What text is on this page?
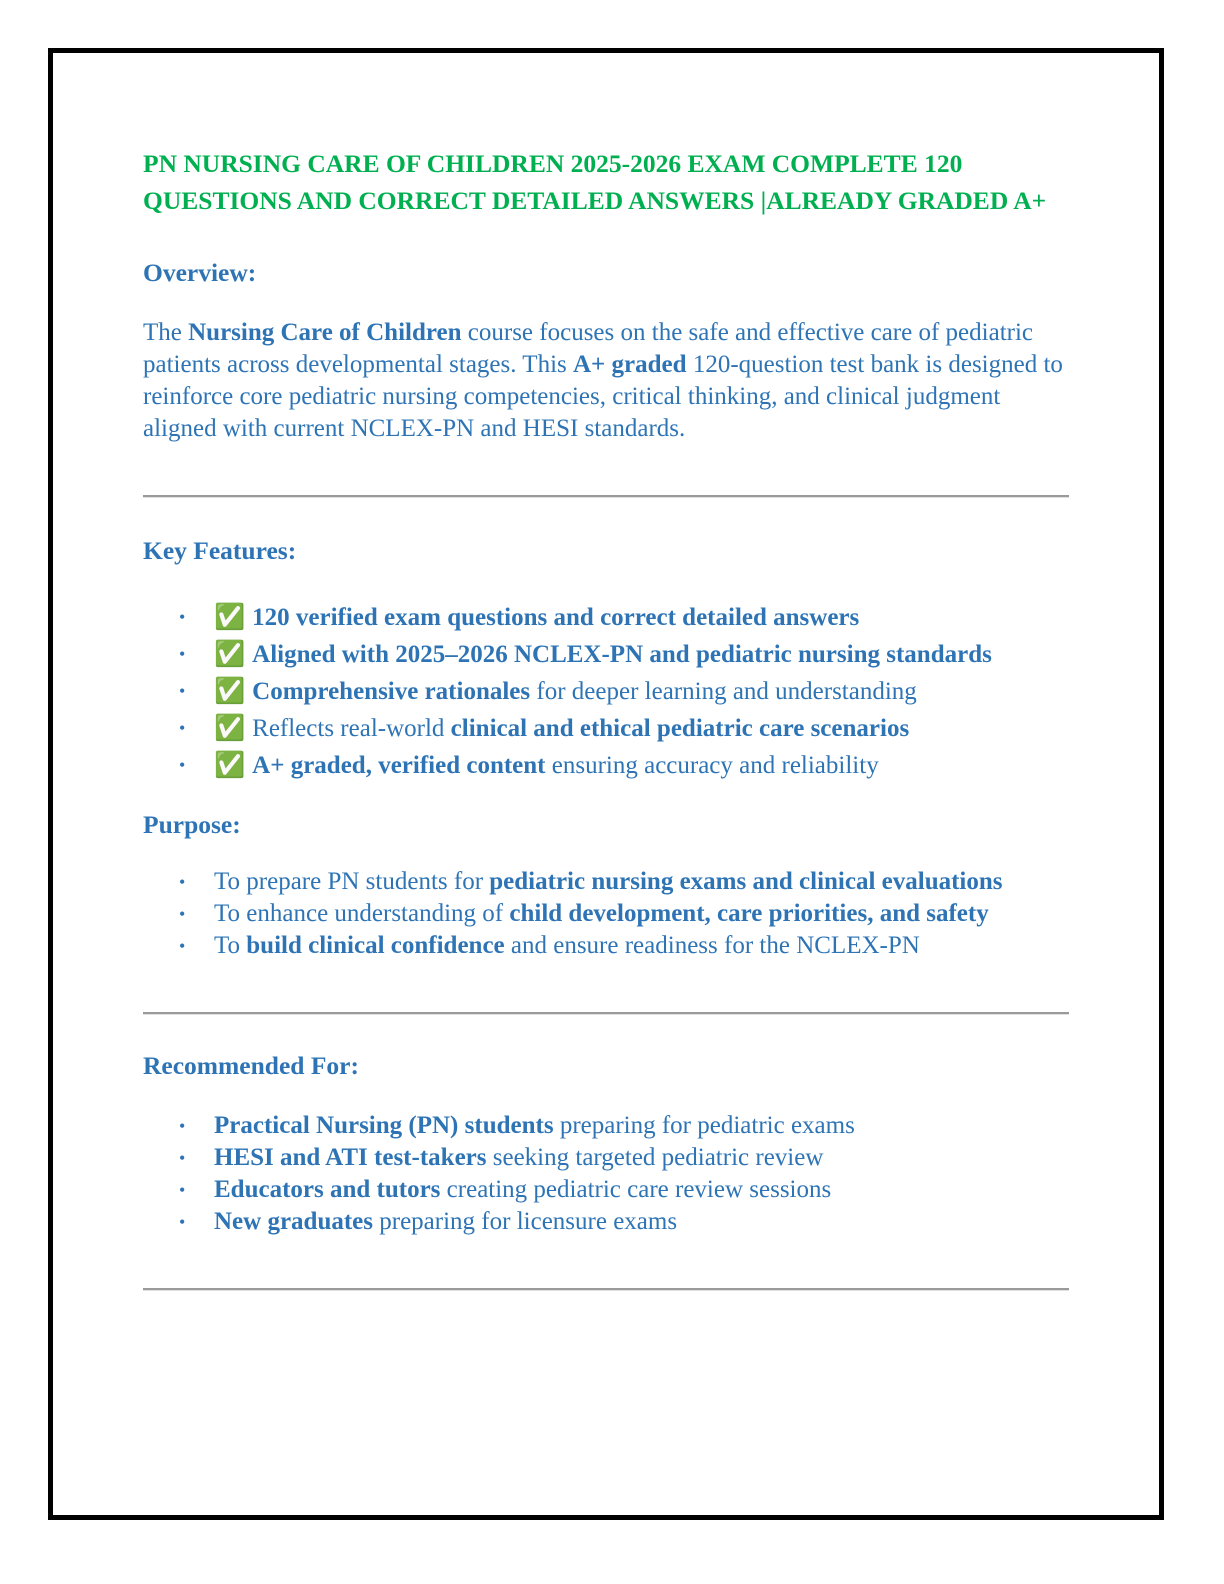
PN NURSING CARE OF CHILDREN 2025-2026 EXAM COMPLETE 120 QUESTIONS AND CORRECT DETAILED ANSWERS |ALREADY GRADED A+
Overview:

The Nursing Care of Children course focuses on the safe and effective care of pediatric patients across developmental stages. This A+ graded 120-question test bank is designed to reinforce core pediatric nursing competencies, critical thinking, and clinical judgment aligned with current NCLEX-PN and HESI standards.

Key Features:
• ✅ 120 verified exam questions and correct detailed answers
• ✅ Aligned with 2025–2026 NCLEX-PN and pediatric nursing standards
• ✅ Comprehensive rationales for deeper learning and understanding
• ✅ Reflects real-world clinical and ethical pediatric care scenarios
• ✅ A+ graded, verified content ensuring accuracy and reliability
Purpose:
• To prepare PN students for pediatric nursing exams and clinical evaluations
• To enhance understanding of child development, care priorities, and safety
• To build clinical confidence and ensure readiness for the NCLEX-PN
Recommended For:
• Practical Nursing (PN) students preparing for pediatric exams
• HESI and ATI test-takers seeking targeted pediatric review
• Educators and tutors creating pediatric care review sessions
• New graduates preparing for licensure exams
